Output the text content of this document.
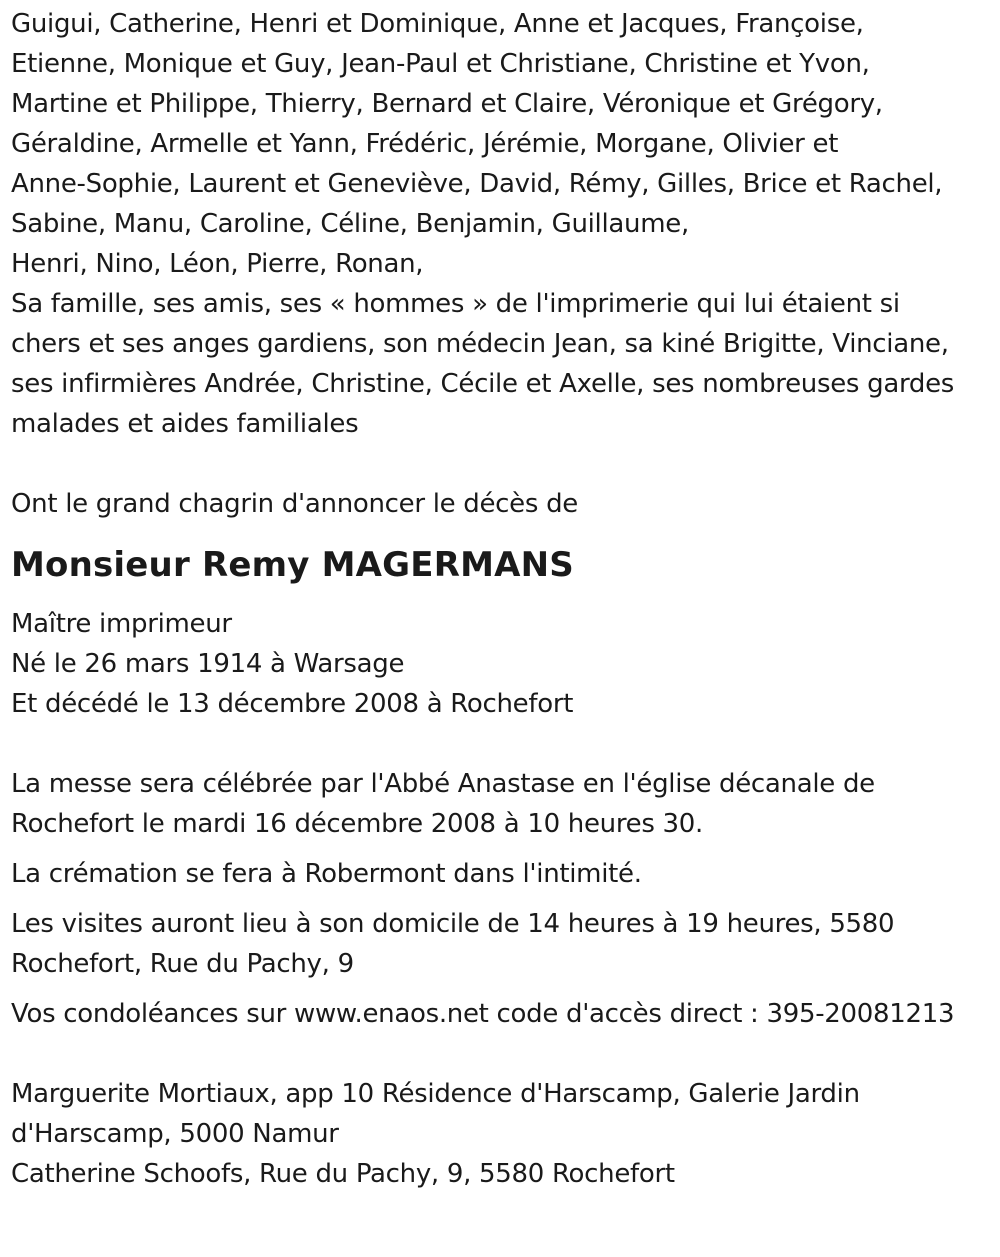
Guigui, Catherine, Henri et Dominique, Anne et Jacques, Françoise,
Etienne, Monique et Guy, Jean-Paul et Christiane, Christine et Yvon,
Martine et Philippe, Thierry, Bernard et Claire, Véronique et Grégory,
Géraldine, Armelle et Yann, Frédéric, Jérémie, Morgane, Olivier et
Anne-Sophie, Laurent et Geneviève, David, Rémy, Gilles, Brice et Rachel,
Sabine, Manu, Caroline, Céline, Benjamin, Guillaume,
Henri, Nino, Léon, Pierre, Ronan,
Sa famille, ses amis, ses « hommes » de l'imprimerie qui lui étaient si
chers et ses anges gardiens, son médecin Jean, sa kiné Brigitte, Vinciane,
ses infirmières Andrée, Christine, Cécile et Axelle, ses nombreuses gardes
malades et aides familiales
Ont le grand chagrin d'annoncer le décès de
Monsieur Remy MAGERMANS
Maître imprimeur
Né le 26 mars 1914 à Warsage
Et décédé le 13 décembre 2008 à Rochefort
La messe sera célébrée par l'Abbé Anastase en l'église décanale de
Rochefort le mardi 16 décembre 2008 à 10 heures 30.
La crémation se fera à Robermont dans l'intimité.
Les visites auront lieu à son domicile de 14 heures à 19 heures, 5580
Rochefort, Rue du Pachy, 9
Vos condoléances sur www.enaos.net code d'accès direct : 395-20081213
Marguerite Mortiaux, app 10 Résidence d'Harscamp, Galerie Jardin
d'Harscamp, 5000 Namur
Catherine Schoofs, Rue du Pachy, 9, 5580 Rochefort
